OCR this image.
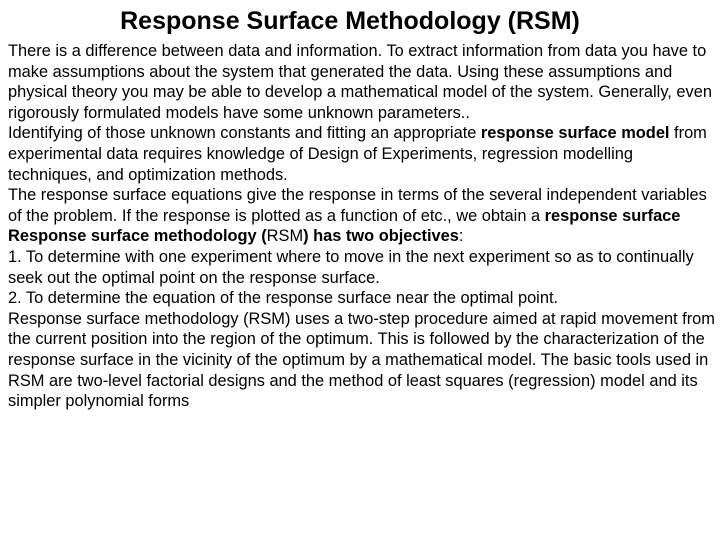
Response Surface Methodology (RSM)

There is a difference between data and information. To extract information from data you have to make assumptions about the system that generated the data. Using these assumptions and physical theory you may be able to develop a mathematical model of the system. Generally, even rigorously formulated models have some unknown parameters..

Identifying of those unknown constants and fitting an appropriate response surface model from experimental data requires knowledge of Design of Experiments, regression modelling techniques, and optimization methods.

The response surface equations give the response in terms of the several independent variables of the problem. If the response is plotted as a function of etc., we obtain a response surface

Response surface methodology (RSM) has two objectives:

1. To determine with one experiment where to move in the next experiment so as to continually seek out the optimal point on the response surface.

2. To determine the equation of the response surface near the optimal point.

Response surface methodology (RSM) uses a two-step procedure aimed at rapid movement from the current position into the region of the optimum. This is followed by the characterization of the response surface in the vicinity of the optimum by a mathematical model. The basic tools used in RSM are two-level factorial designs and the method of least squares (regression) model and its simpler polynomial forms
